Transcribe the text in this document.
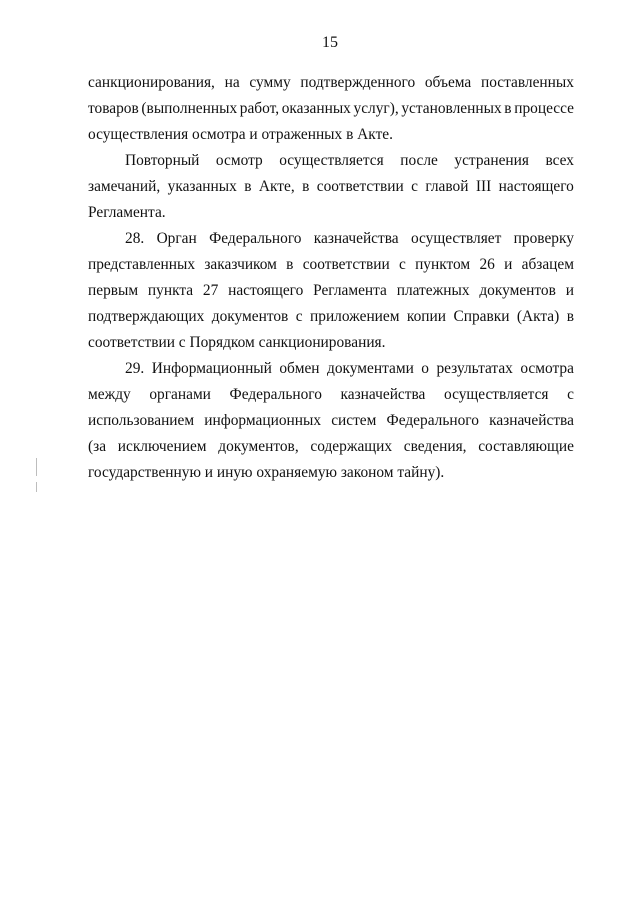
15
санкционирования, на сумму подтвержденного объема поставленных
товаров (выполненных работ, оказанных услуг), установленных в процессе
осуществления осмотра и отраженных в Акте.
Повторный осмотр осуществляется после устранения всех
замечаний, указанных в Акте, в соответствии с главой III настоящего
Регламента.
28. Орган Федерального казначейства осуществляет проверку
представленных заказчиком в соответствии с пунктом 26 и абзацем
первым пункта 27 настоящего Регламента платежных документов и
подтверждающих документов с приложением копии Справки (Акта) в
соответствии с Порядком санкционирования.
29. Информационный обмен документами о результатах осмотра
между органами Федерального казначейства осуществляется с
использованием информационных систем Федерального казначейства
(за исключением документов, содержащих сведения, составляющие
государственную и иную охраняемую законом тайну).
